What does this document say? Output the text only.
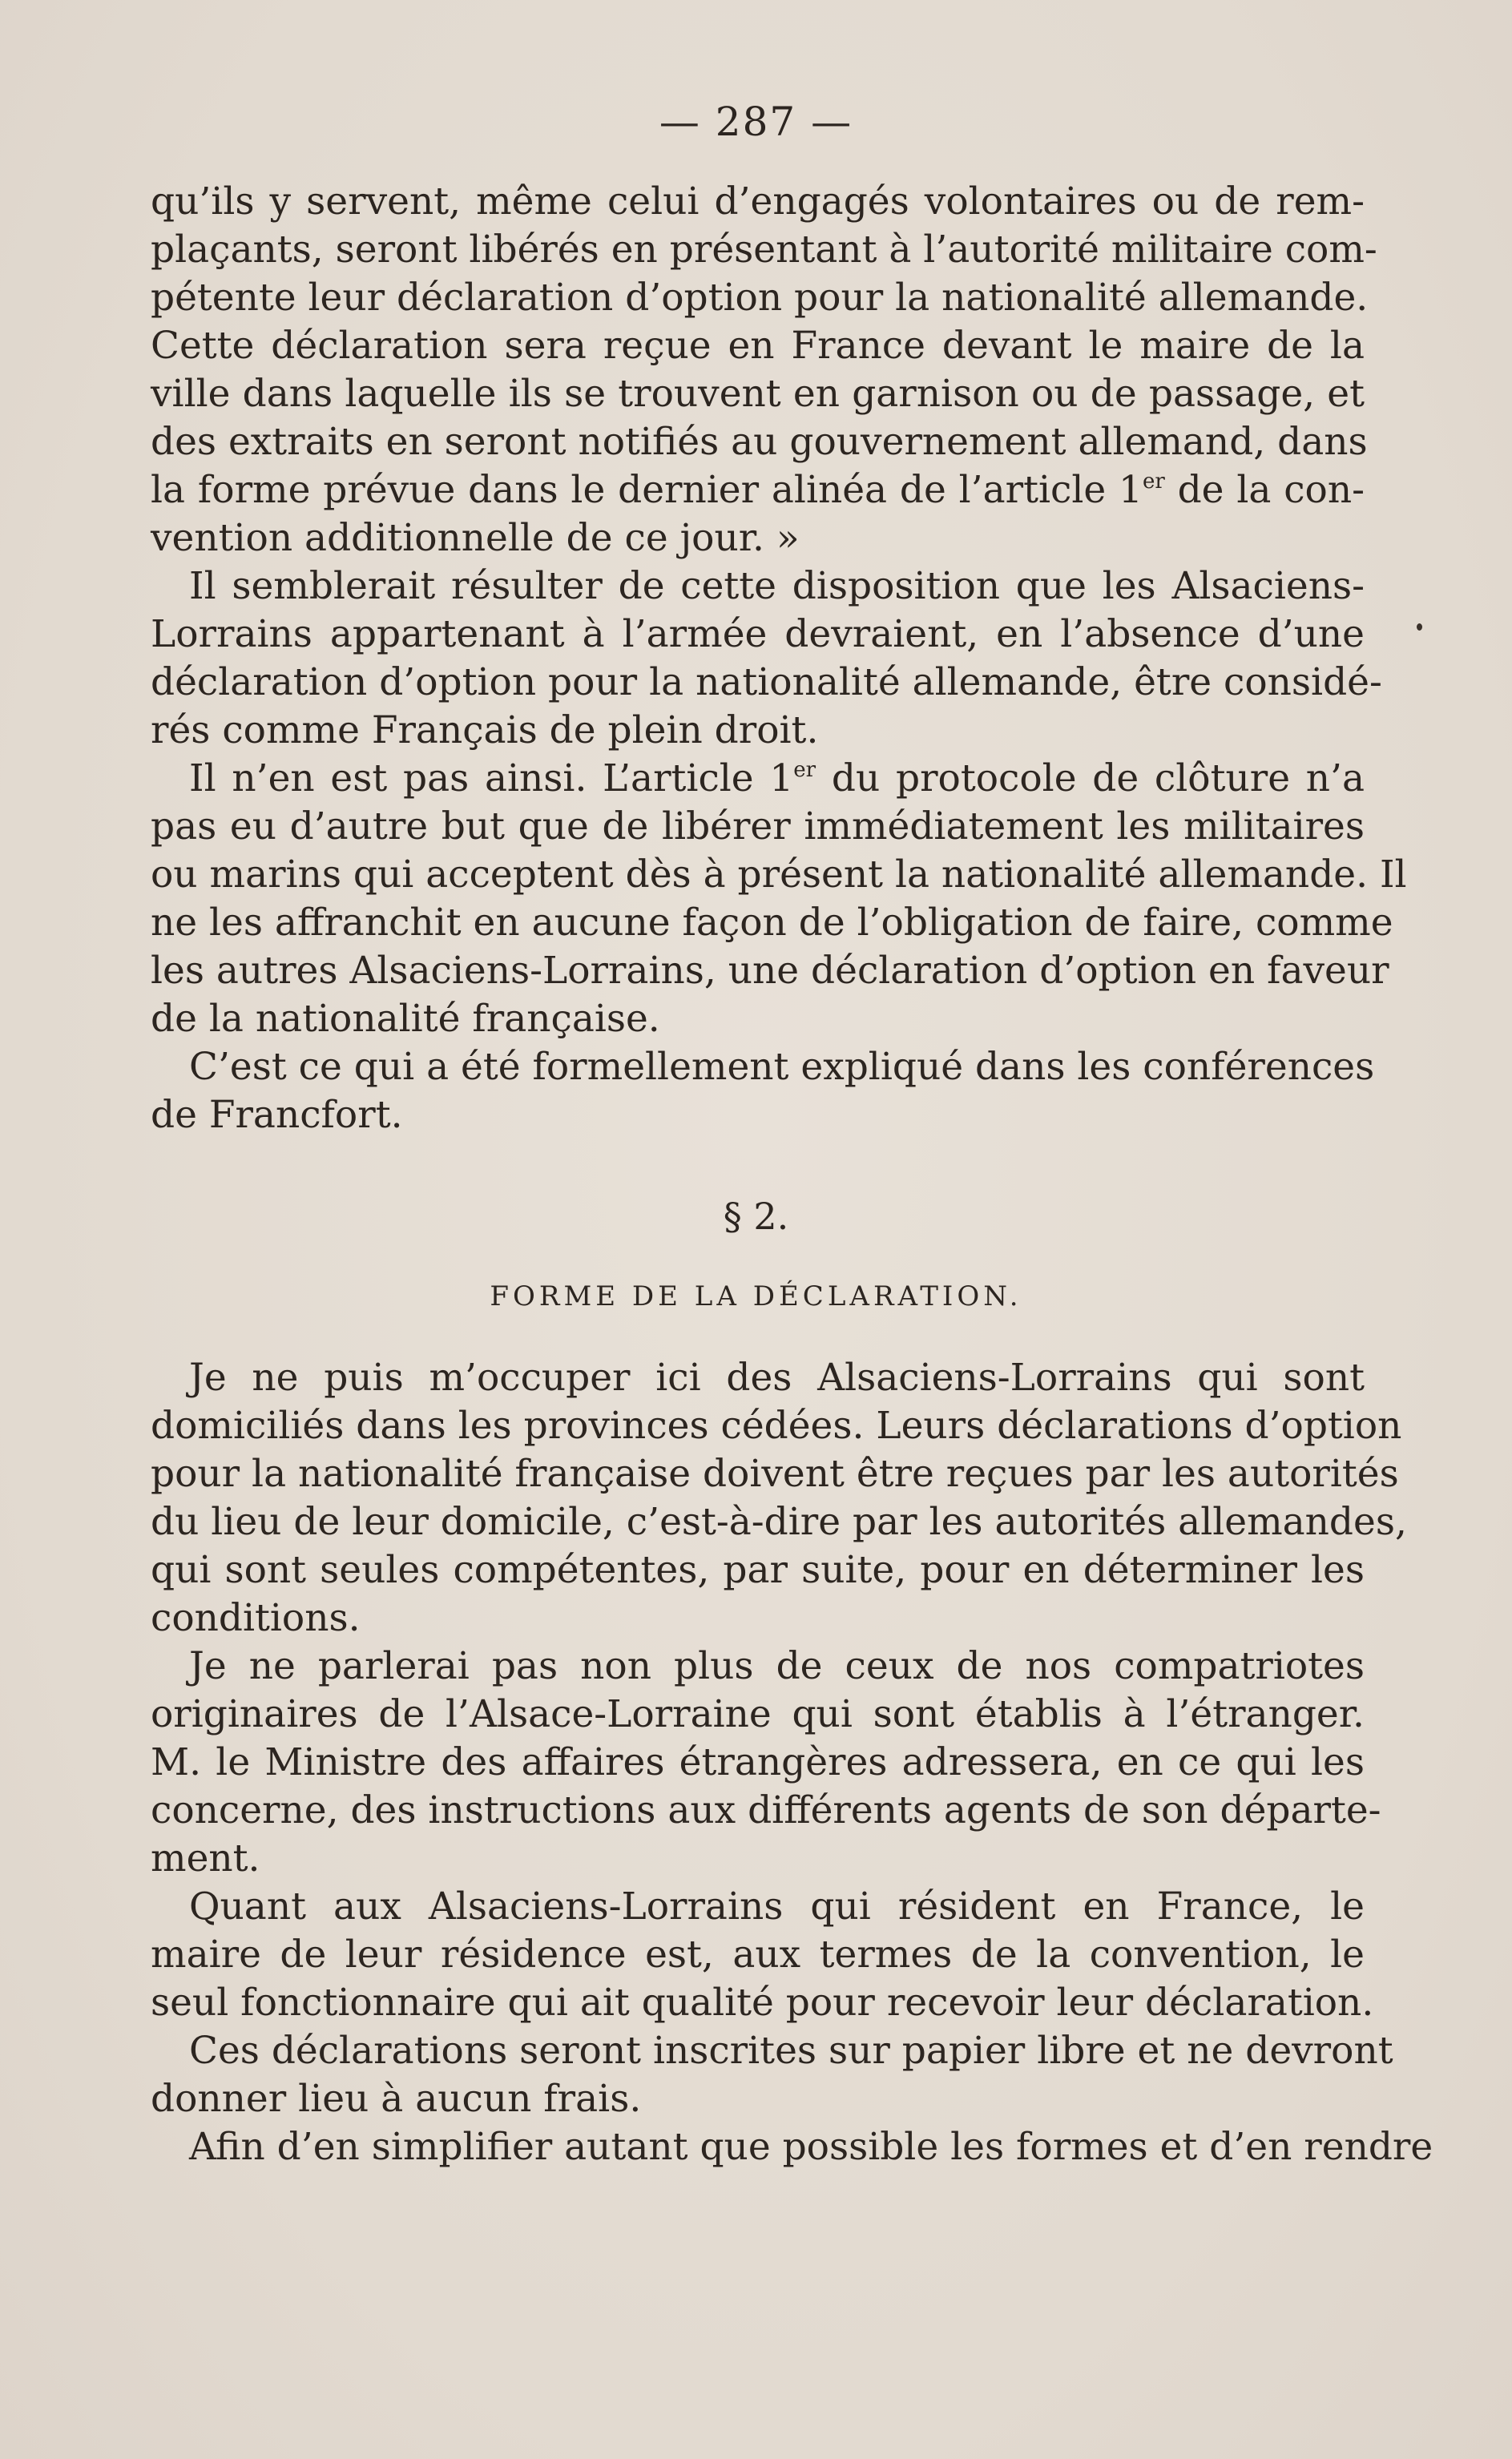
— 287 —
qu’ils y servent, même celui d’engagés volontaires ou de rem-
plaçants, seront libérés en présentant à l’autorité militaire com-
pétente leur déclaration d’option pour la nationalité allemande.
Cette déclaration sera reçue en France devant le maire de la
ville dans laquelle ils se trouvent en garnison ou de passage, et
des extraits en seront notifiés au gouvernement allemand, dans
la forme prévue dans le dernier alinéa de l’article 1er de la con-
vention additionnelle de ce jour. »
Il semblerait résulter de cette disposition que les Alsaciens-
Lorrains appartenant à l’armée devraient, en l’absence d’une
déclaration d’option pour la nationalité allemande, être considé-
rés comme Français de plein droit.
Il n’en est pas ainsi. L’article 1er du protocole de clôture n’a
pas eu d’autre but que de libérer immédiatement les militaires
ou marins qui acceptent dès à présent la nationalité allemande. Il
ne les affranchit en aucune façon de l’obligation de faire, comme
les autres Alsaciens-Lorrains, une déclaration d’option en faveur
de la nationalité française.
C’est ce qui a été formellement expliqué dans les conférences
de Francfort.
§ 2.
FORME DE LA DÉCLARATION.
Je ne puis m’occuper ici des Alsaciens-Lorrains qui sont
domiciliés dans les provinces cédées. Leurs déclarations d’option
pour la nationalité française doivent être reçues par les autorités
du lieu de leur domicile, c’est-à-dire par les autorités allemandes,
qui sont seules compétentes, par suite, pour en déterminer les
conditions.
Je ne parlerai pas non plus de ceux de nos compatriotes
originaires de l’Alsace-Lorraine qui sont établis à l’étranger.
M. le Ministre des affaires étrangères adressera, en ce qui les
concerne, des instructions aux différents agents de son départe-
ment.
Quant aux Alsaciens-Lorrains qui résident en France, le
maire de leur résidence est, aux termes de la convention, le
seul fonctionnaire qui ait qualité pour recevoir leur déclaration.
Ces déclarations seront inscrites sur papier libre et ne devront
donner lieu à aucun frais.
Afin d’en simplifier autant que possible les formes et d’en rendre
